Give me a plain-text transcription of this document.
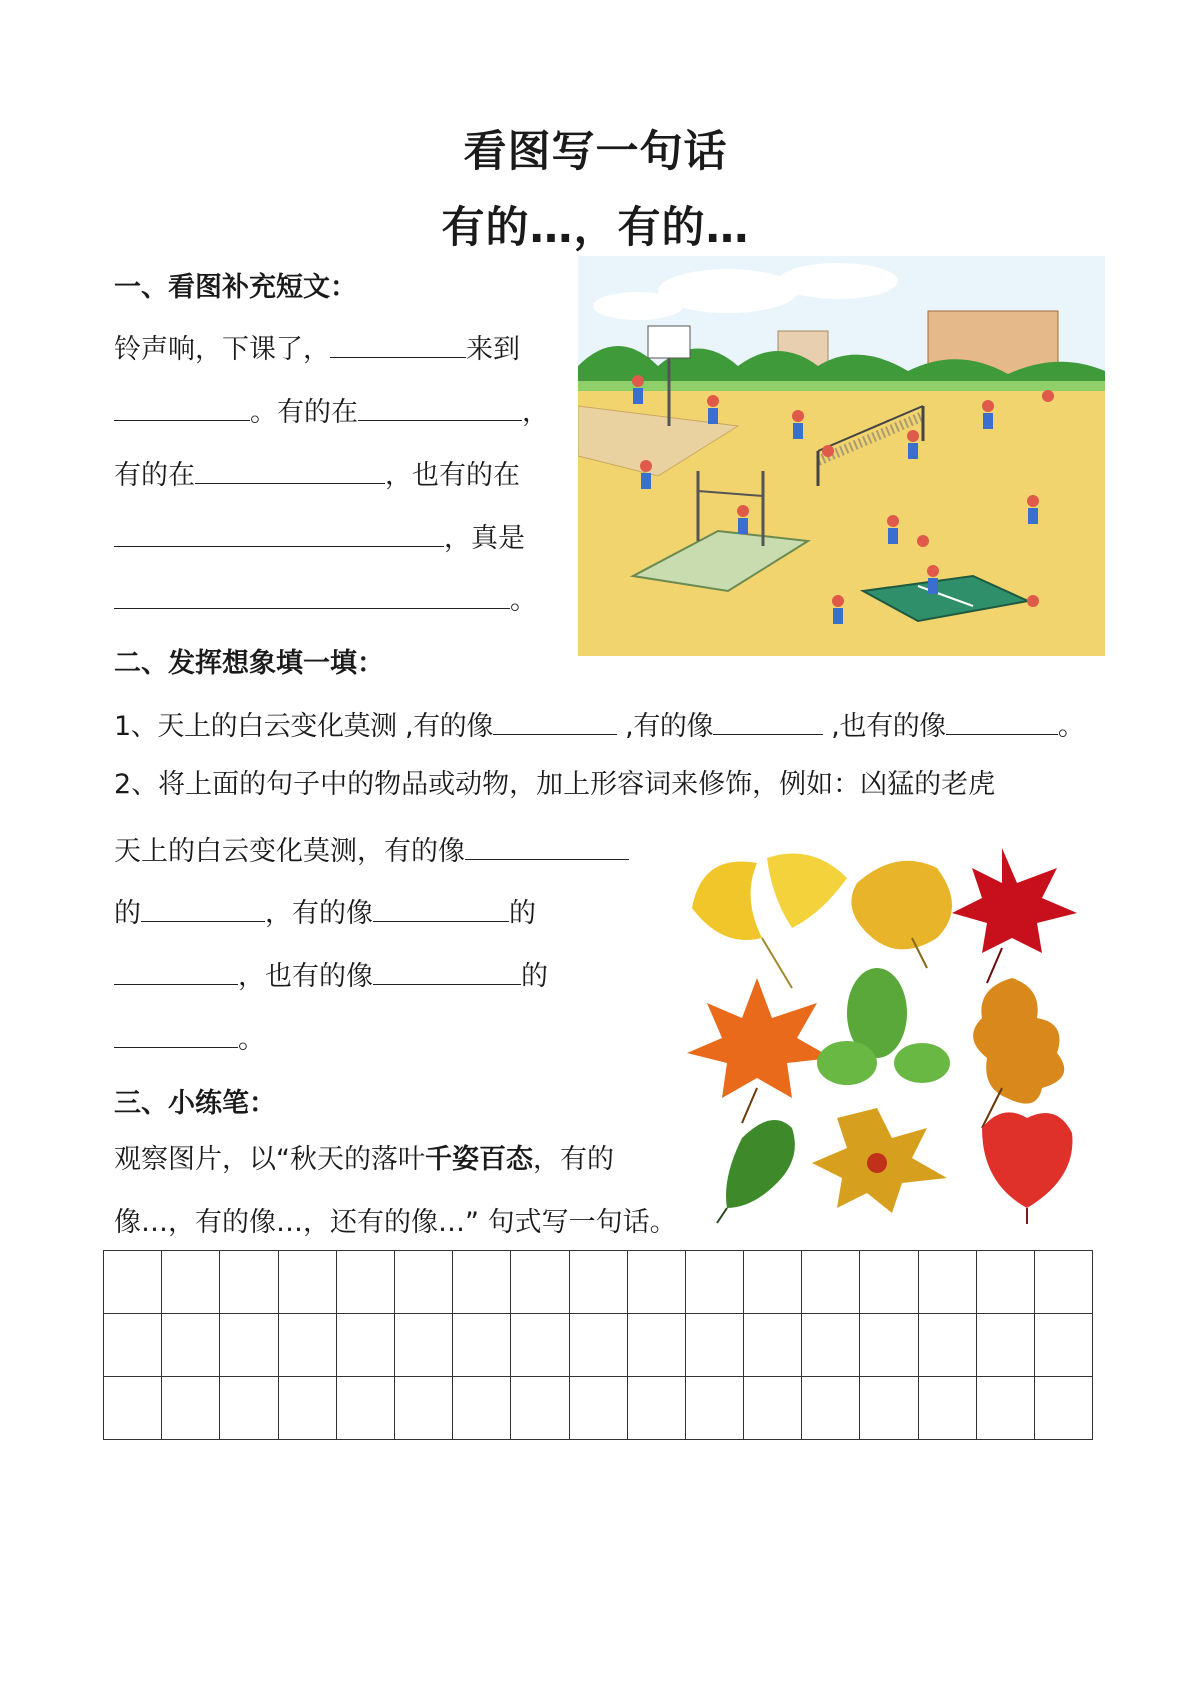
看图写一句话
有的…，有的…
一、看图补充短文：
铃声响，下课了，	来到
。有的在	，
有的在	，也有的在
，真是
。
二、发挥想象填一填：
1、天上的白云变化莫测 ,有的像	,有的像	,也有的像	。
2、将上面的句子中的物品或动物，加上形容词来修饰，例如：凶猛的老虎
天上的白云变化莫测，有的像
的	，有的像	的
，也有的像	的
。
三、小练笔：
观察图片，以“秋天的落叶千姿百态，有的
像…，有的像…，还有的像…” 句式写一句话。
